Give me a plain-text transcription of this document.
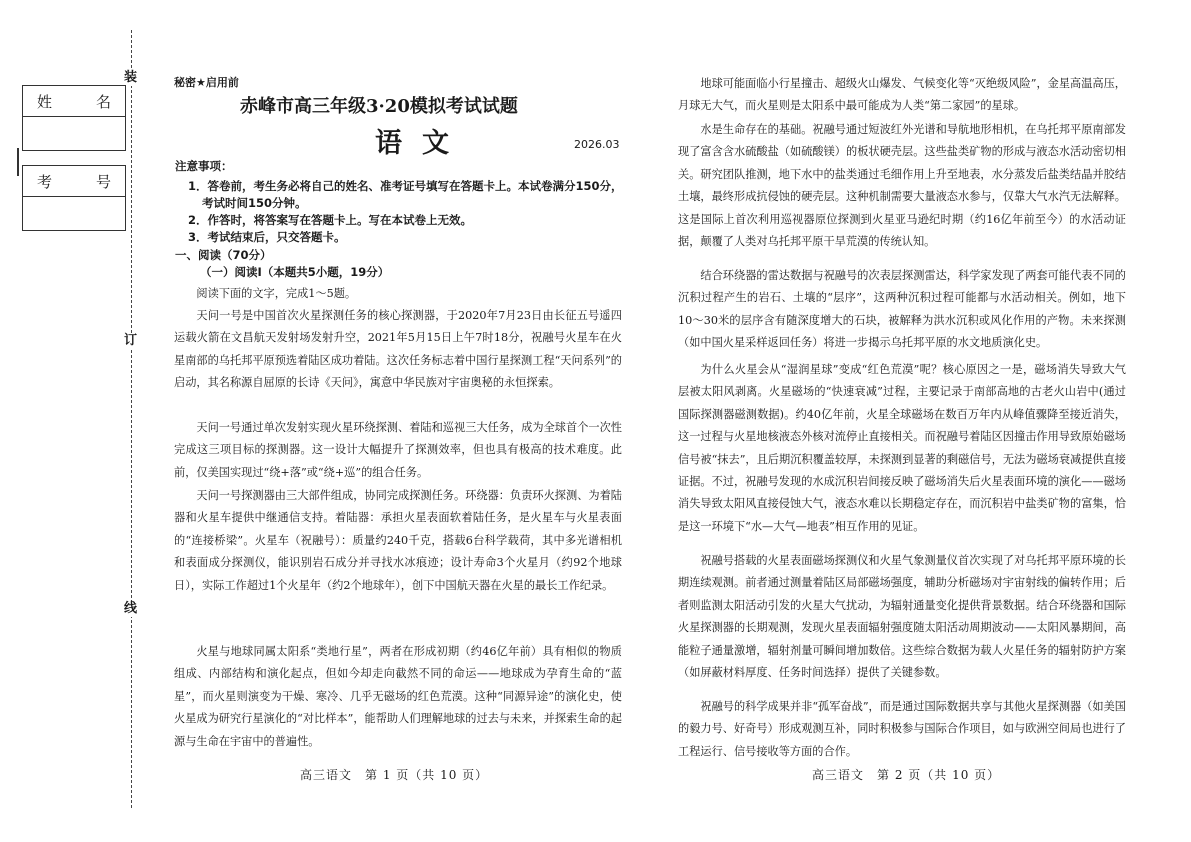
装
订
线
姓	名
考	号
秘密★启用前
赤峰市高三年级3·20模拟考试试题
语文	2026.03
注意事项：
1．答卷前，考生务必将自己的姓名、准考证号填写在答题卡上。本试卷满分150分，
考试时间150分钟。
2．作答时，将答案写在答题卡上。写在本试卷上无效。
3．考试结束后，只交答题卡。
一、阅读（70分）
（一）阅读Ⅰ（本题共5小题，19分）

阅读下面的文字，完成1～5题。

天问一号是中国首次火星探测任务的核心探测器，于2020年7月23日由长征五号遥四运载火箭在文昌航天发射场发射升空，2021年5月15日上午7时18分，祝融号火星车在火星南部的乌托邦平原预选着陆区成功着陆。这次任务标志着中国行星探测工程“天问系列”的启动，其名称源自屈原的长诗《天问》，寓意中华民族对宇宙奥秘的永恒探索。

天问一号通过单次发射实现火星环绕探测、着陆和巡视三大任务，成为全球首个一次性完成这三项目标的探测器。这一设计大幅提升了探测效率，但也具有极高的技术难度。此前，仅美国实现过“绕+落”或“绕+巡”的组合任务。

天问一号探测器由三大部件组成，协同完成探测任务。环绕器：负责环火探测、为着陆器和火星车提供中继通信支持。着陆器：承担火星表面软着陆任务，是火星车与火星表面的“连接桥梁”。火星车（祝融号）：质量约240千克，搭载6台科学载荷，其中多光谱相机和表面成分探测仪，能识别岩石成分并寻找水冰痕迹；设计寿命3个火星月（约92个地球日），实际工作超过1个火星年（约2个地球年），创下中国航天器在火星的最长工作纪录。

火星与地球同属太阳系“类地行星”，两者在形成初期（约46亿年前）具有相似的物质组成、内部结构和演化起点，但如今却走向截然不同的命运——地球成为孕育生命的“蓝星”，而火星则演变为干燥、寒冷、几乎无磁场的红色荒漠。这种“同源异途”的演化史，使火星成为研究行星演化的“对比样本”，能帮助人们理解地球的过去与未来，并探索生命的起源与生命在宇宙中的普遍性。

地球可能面临小行星撞击、超级火山爆发、气候变化等“灭绝级风险”，金星高温高压，月球无大气，而火星则是太阳系中最可能成为人类“第二家园”的星球。

水是生命存在的基础。祝融号通过短波红外光谱和导航地形相机，在乌托邦平原南部发现了富含含水硫酸盐（如硫酸镁）的板状硬壳层。这些盐类矿物的形成与液态水活动密切相关。研究团队推测，地下水中的盐类通过毛细作用上升至地表，水分蒸发后盐类结晶并胶结土壤，最终形成抗侵蚀的硬壳层。这种机制需要大量液态水参与，仅靠大气水汽无法解释。这是国际上首次利用巡视器原位探测到火星亚马逊纪时期（约16亿年前至今）的水活动证据，颠覆了人类对乌托邦平原干旱荒漠的传统认知。

结合环绕器的雷达数据与祝融号的次表层探测雷达，科学家发现了两套可能代表不同的沉积过程产生的岩石、土壤的“层序”，这两种沉积过程可能都与水活动相关。例如，地下10～30米的层序含有随深度增大的石块，被解释为洪水沉积或风化作用的产物。未来探测（如中国火星采样返回任务）将进一步揭示乌托邦平原的水文地质演化史。

为什么火星会从“湿润星球”变成“红色荒漠”呢？核心原因之一是，磁场消失导致大气层被太阳风剥离。火星磁场的“快速衰减”过程，主要记录于南部高地的古老火山岩中(通过国际探测器磁测数据)。约40亿年前，火星全球磁场在数百万年内从峰值骤降至接近消失，这一过程与火星地核液态外核对流停止直接相关。而祝融号着陆区因撞击作用导致原始磁场信号被“抹去”，且后期沉积覆盖较厚，未探测到显著的剩磁信号，无法为磁场衰减提供直接证据。不过，祝融号发现的水成沉积岩间接反映了磁场消失后火星表面环境的演化——磁场消失导致太阳风直接侵蚀大气，液态水难以长期稳定存在，而沉积岩中盐类矿物的富集，恰是这一环境下“水—大气—地表”相互作用的见证。

祝融号搭载的火星表面磁场探测仪和火星气象测量仪首次实现了对乌托邦平原环境的长期连续观测。前者通过测量着陆区局部磁场强度，辅助分析磁场对宇宙射线的偏转作用；后者则监测太阳活动引发的火星大气扰动，为辐射通量变化提供背景数据。结合环绕器和国际火星探测器的长期观测，发现火星表面辐射强度随太阳活动周期波动——太阳风暴期间，高能粒子通量激增，辐射剂量可瞬间增加数倍。这些综合数据为载人火星任务的辐射防护方案（如屏蔽材料厚度、任务时间选择）提供了关键参数。

祝融号的科学成果并非“孤军奋战”，而是通过国际数据共享与其他火星探测器（如美国的毅力号、好奇号）形成观测互补，同时积极参与国际合作项目，如与欧洲空间局也进行了工程运行、信号接收等方面的合作。

高三语文　第 1 页（共 10 页）	高三语文　第 2 页（共 10 页）
